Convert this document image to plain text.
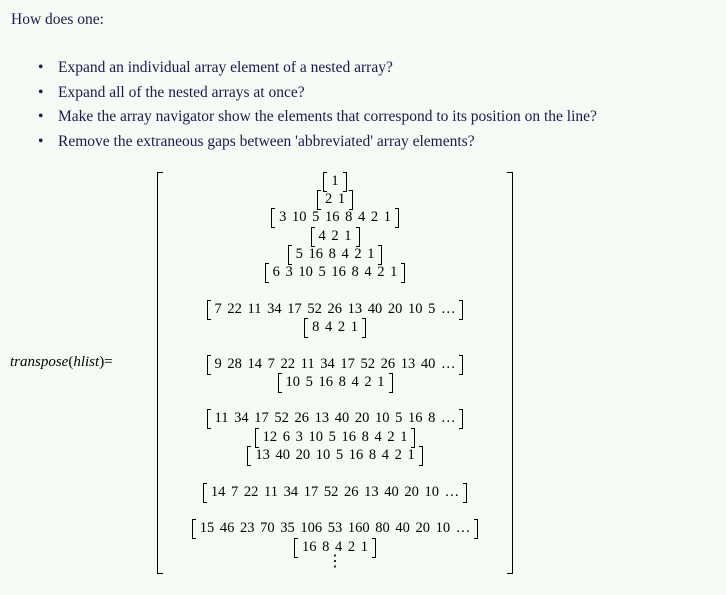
How does one:
• Expand an individual array element of a nested array?
• Expand all of the nested arrays at once?
• Make the array navigator show the elements that correspond to its position on the line?
• Remove the extraneous gaps between 'abbreviated' array elements?
transpose(hlist)=
1
2 1
3 10 5 16 8 4 2 1
4 2 1
5 16 8 4 2 1
6 3 10 5 16 8 4 2 1
7 22 11 34 17 52 26 13 40 20 10 5 …
8 4 2 1
9 28 14 7 22 11 34 17 52 26 13 40 …
10 5 16 8 4 2 1
11 34 17 52 26 13 40 20 10 5 16 8 …
12 6 3 10 5 16 8 4 2 1
13 40 20 10 5 16 8 4 2 1
14 7 22 11 34 17 52 26 13 40 20 10 …
15 46 23 70 35 106 53 160 80 40 20 10 …
16 8 4 2 1
⋮
